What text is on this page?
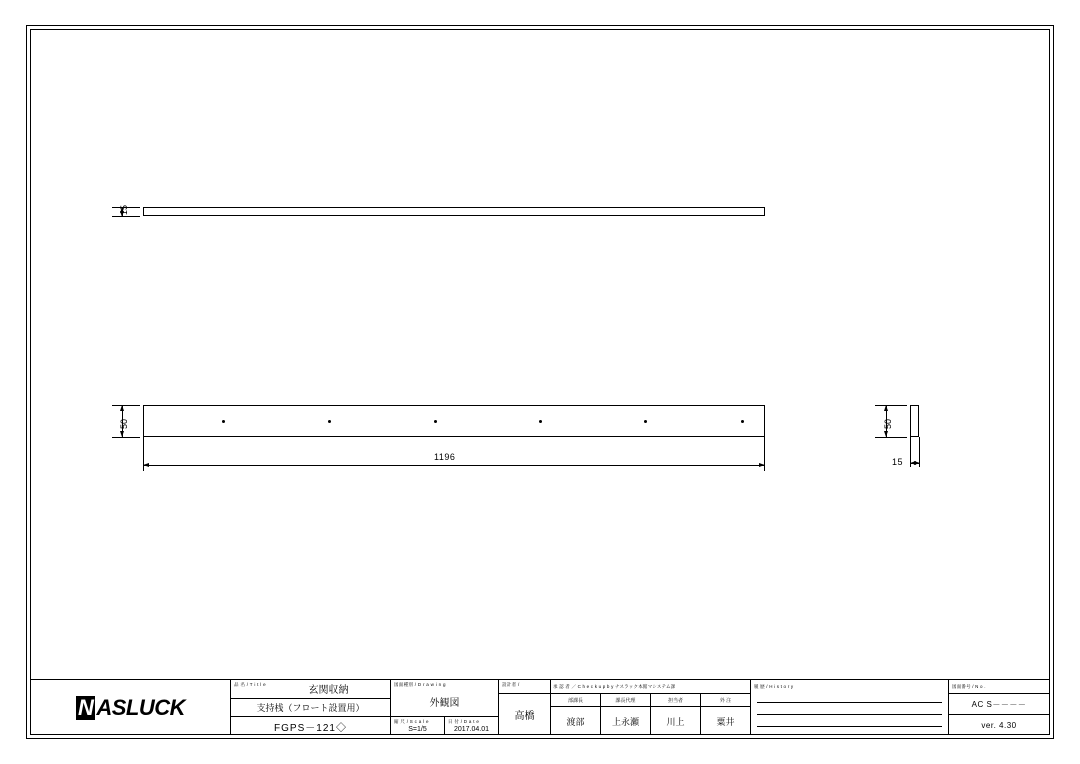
15
50
1196
50
15
N ASLUCK
品 名 / T i t l e
玄関収納
支持桟（フロート設置用）
FGPS－121◇
図面種別 / D r a w i n g
外観図
縮 尺 / S c a l e
S=1/5
日 付 / D a t e
2017.04.01
設計者 /
高橋
承 認 者 ／ C h e c k u p b y ナスラック本館マシステム課
部課長
渡部
課長代理
上永瀬
担当者
川上
外 注
粟井
履 歴 / H i s t o r y	図面番号 / N o .
AC S－－－－
ver. 4.30
